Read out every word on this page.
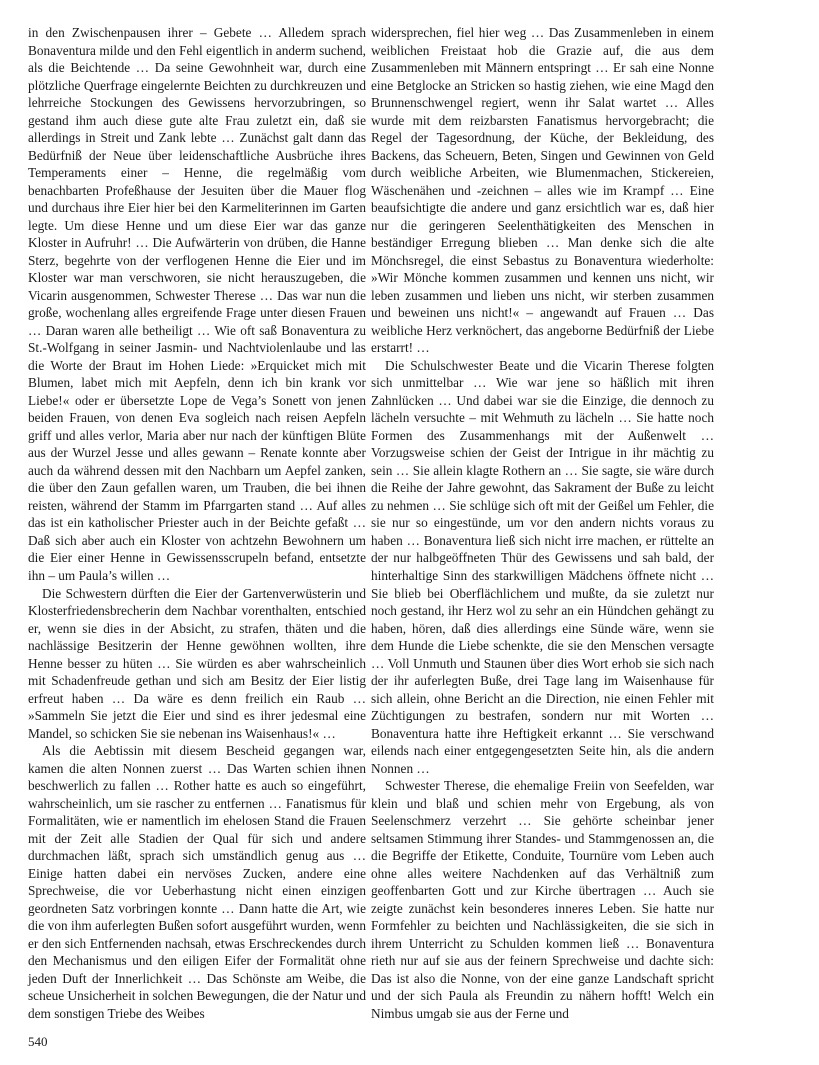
in den Zwischenpausen ihrer – Gebete … Alledem sprach Bonaventura milde und den Fehl eigentlich in anderm suchend, als die Beichtende … Da seine Gewohnheit war, durch eine plötzliche Querfrage eingelernte Beichten zu durchkreuzen und lehrreiche Stockungen des Gewissens hervorzubringen, so gestand ihm auch diese gute alte Frau zuletzt ein, daß sie allerdings in Streit und Zank lebte … Zunächst galt dann das Bedürfniß der Neue über leidenschaftliche Ausbrüche ihres Temperaments einer – Henne, die regelmäßig vom benachbarten Profeßhause der Jesuiten über die Mauer flog und durchaus ihre Eier hier bei den Karmeliterinnen im Garten legte. Um diese Henne und um diese Eier war das ganze Kloster in Aufruhr! … Die Aufwärterin von drüben, die Hanne Sterz, begehrte von der verflogenen Henne die Eier und im Kloster war man verschworen, sie nicht herauszugeben, die Vicarin ausgenommen, Schwester Therese … Das war nun die große, wochenlang alles ergreifende Frage unter diesen Frauen … Daran waren alle betheiligt … Wie oft saß Bonaventura zu St.-Wolfgang in seiner Jasmin- und Nachtviolenlaube und las die Worte der Braut im Hohen Liede: »Erquicket mich mit Blumen, labet mich mit Aepfeln, denn ich bin krank vor Liebe!« oder er übersetzte Lope de Vega’s Sonett von jenen beiden Frauen, von denen Eva sogleich nach reisen Aepfeln griff und alles verlor, Maria aber nur nach der künftigen Blüte aus der Wurzel Jesse und alles gewann – Renate konnte aber auch da während dessen mit den Nachbarn um Aepfel zanken, die über den Zaun gefallen waren, um Trauben, die bei ihnen reisten, während der Stamm im Pfarrgarten stand … Auf alles das ist ein katholischer Priester auch in der Beichte gefaßt … Daß sich aber auch ein Kloster von achtzehn Bewohnern um die Eier einer Henne in Gewissensscrupeln befand, entsetzte ihn – um Paula’s willen …

Die Schwestern dürften die Eier der Gartenverwüsterin und Klosterfriedensbrecherin dem Nachbar vorenthalten, entschied er, wenn sie dies in der Absicht, zu strafen, thäten und die nachlässige Besitzerin der Henne gewöhnen wollten, ihre Henne besser zu hüten … Sie würden es aber wahrscheinlich mit Schadenfreude gethan und sich am Besitz der Eier listig erfreut haben … Da wäre es denn freilich ein Raub … »Sammeln Sie jetzt die Eier und sind es ihrer jedesmal eine Mandel, so schicken Sie sie nebenan ins Waisenhaus!« …

Als die Aebtissin mit diesem Bescheid gegangen war, kamen die alten Nonnen zuerst … Das Warten schien ihnen beschwerlich zu fallen … Rother hatte es auch so eingeführt, wahrscheinlich, um sie rascher zu entfernen … Fanatismus für Formalitäten, wie er namentlich im ehelosen Stand die Frauen mit der Zeit alle Stadien der Qual für sich und andere durchmachen läßt, sprach sich umständlich genug aus … Einige hatten dabei ein nervöses Zucken, andere eine Sprechweise, die vor Ueberhastung nicht einen einzigen geordneten Satz vorbringen konnte … Dann hatte die Art, wie die von ihm auferlegten Bußen sofort ausgeführt wurden, wenn er den sich Entfernenden nachsah, etwas Erschreckendes durch den Mechanismus und den eiligen Eifer der Formalität ohne jeden Duft der Innerlichkeit … Das Schönste am Weibe, die scheue Unsicherheit in solchen Bewegungen, die der Natur und dem sonstigen Triebe des Weibes

widersprechen, fiel hier weg … Das Zusammenleben in einem weiblichen Freistaat hob die Grazie auf, die aus dem Zusammenleben mit Männern entspringt … Er sah eine Nonne eine Betglocke an Stricken so hastig ziehen, wie eine Magd den Brunnenschwengel regiert, wenn ihr Salat wartet … Alles wurde mit dem reizbarsten Fanatismus hervorgebracht; die Regel der Tagesordnung, der Küche, der Bekleidung, des Backens, das Scheuern, Beten, Singen und Gewinnen von Geld durch weibliche Arbeiten, wie Blumenmachen, Stickereien, Wäschenähen und -zeichnen – alles wie im Krampf … Eine beaufsichtigte die andere und ganz ersichtlich war es, daß hier nur die geringeren Seelenthätigkeiten des Menschen in beständiger Erregung blieben … Man denke sich die alte Mönchsregel, die einst Sebastus zu Bonaventura wiederholte: »Wir Mönche kommen zusammen und kennen uns nicht, wir leben zusammen und lieben uns nicht, wir sterben zusammen und beweinen uns nicht!« – angewandt auf Frauen … Das weibliche Herz verknöchert, das angeborne Bedürfniß der Liebe erstarrt! …

Die Schulschwester Beate und die Vicarin Therese folgten sich unmittelbar … Wie war jene so häßlich mit ihren Zahnlücken … Und dabei war sie die Einzige, die dennoch zu lächeln versuchte – mit Wehmuth zu lächeln … Sie hatte noch Formen des Zusammenhangs mit der Außenwelt … Vorzugsweise schien der Geist der Intrigue in ihr mächtig zu sein … Sie allein klagte Rothern an … Sie sagte, sie wäre durch die Reihe der Jahre gewohnt, das Sakrament der Buße zu leicht zu nehmen … Sie schlüge sich oft mit der Geißel um Fehler, die sie nur so eingestünde, um vor den andern nichts voraus zu haben … Bonaventura ließ sich nicht irre machen, er rüttelte an der nur halbgeöffneten Thür des Gewissens und sah bald, der hinterhaltige Sinn des starkwilligen Mädchens öffnete nicht … Sie blieb bei Oberflächlichem und mußte, da sie zuletzt nur noch gestand, ihr Herz wol zu sehr an ein Hündchen gehängt zu haben, hören, daß dies allerdings eine Sünde wäre, wenn sie dem Hunde die Liebe schenkte, die sie den Menschen versagte … Voll Unmuth und Staunen über dies Wort erhob sie sich nach der ihr auferlegten Buße, drei Tage lang im Waisenhause für sich allein, ohne Bericht an die Direction, nie einen Fehler mit Züchtigungen zu bestrafen, sondern nur mit Worten … Bonaventura hatte ihre Heftigkeit erkannt … Sie verschwand eilends nach einer entgegengesetzten Seite hin, als die andern Nonnen …

Schwester Therese, die ehemalige Freiin von Seefelden, war klein und blaß und schien mehr von Ergebung, als von Seelenschmerz verzehrt … Sie gehörte scheinbar jener seltsamen Stimmung ihrer Standes- und Stammgenossen an, die die Begriffe der Etikette, Conduite, Tournüre vom Leben auch ohne alles weitere Nachdenken auf das Verhältniß zum geoffenbarten Gott und zur Kirche übertragen … Auch sie zeigte zunächst kein besonderes inneres Leben. Sie hatte nur Formfehler zu beichten und Nachlässigkeiten, die sie sich in ihrem Unterricht zu Schulden kommen ließ … Bonaventura rieth nur auf sie aus der feinern Sprechweise und dachte sich: Das ist also die Nonne, von der eine ganze Landschaft spricht und der sich Paula als Freundin zu nähern hofft! Welch ein Nimbus umgab sie aus der Ferne und

540
